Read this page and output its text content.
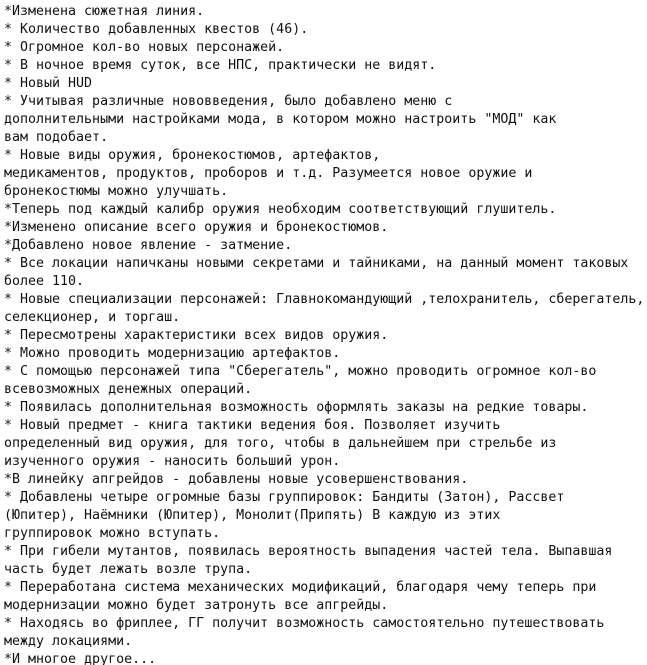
*Изменена сюжетная линия.
* Количество добавленных квестов (46).
* Огромное кол-во новых персонажей.
* В ночное время суток, все НПС, практически не видят.
* Новый HUD
* Учитывая различные нововведения, было добавлено меню с
дополнительными настройками мода, в котором можно настроить "МОД" как
вам подобает.
* Новые виды оружия, бронекостюмов, артефактов,
медикаментов, продуктов, проборов и т.д. Разумеется новое оружие и
бронекостюмы можно улучшать.
*Теперь под каждый калибр оружия необходим соответствующий глушитель.
*Изменено описание всего оружия и бронекостюмов.
*Добавлено новое явление - затмение.
* Все локации напичканы новыми секретами и тайниками, на данный момент таковых
более 110.
* Новые специализации персонажей: Главнокомандующий ,телохранитель, сберегатель,
селекционер, и торгаш.
* Пересмотрены характеристики всех видов оружия.
* Можно проводить модернизацию артефактов.
* С помощью персонажей типа "Сберегатель", можно проводить огромное кол-во
всевозможных денежных операций.
* Появилась дополнительная возможность оформлять заказы на редкие товары.
* Новый предмет - книга тактики ведения боя. Позволяет изучить
определенный вид оружия, для того, чтобы в дальнейшем при стрельбе из
изученного оружия - наносить больший урон.
*В линейку апгрейдов - добавлены новые усовершенствования.
* Добавлены четыре огромные базы группировок: Бандиты (Затон), Рассвет
(Юпитер), Наёмники (Юпитер), Монолит(Припять) В каждую из этих
группировок можно вступать.
* При гибели мутантов, появилась вероятность выпадения частей тела. Выпавшая
часть будет лежать возле трупа.
* Переработана система механических модификаций, благодаря чему теперь при
модернизации можно будет затронуть все апгрейды.
* Находясь во фриплее, ГГ получит возможность самостоятельно путешествовать
между локациями.
*И многое другое...
